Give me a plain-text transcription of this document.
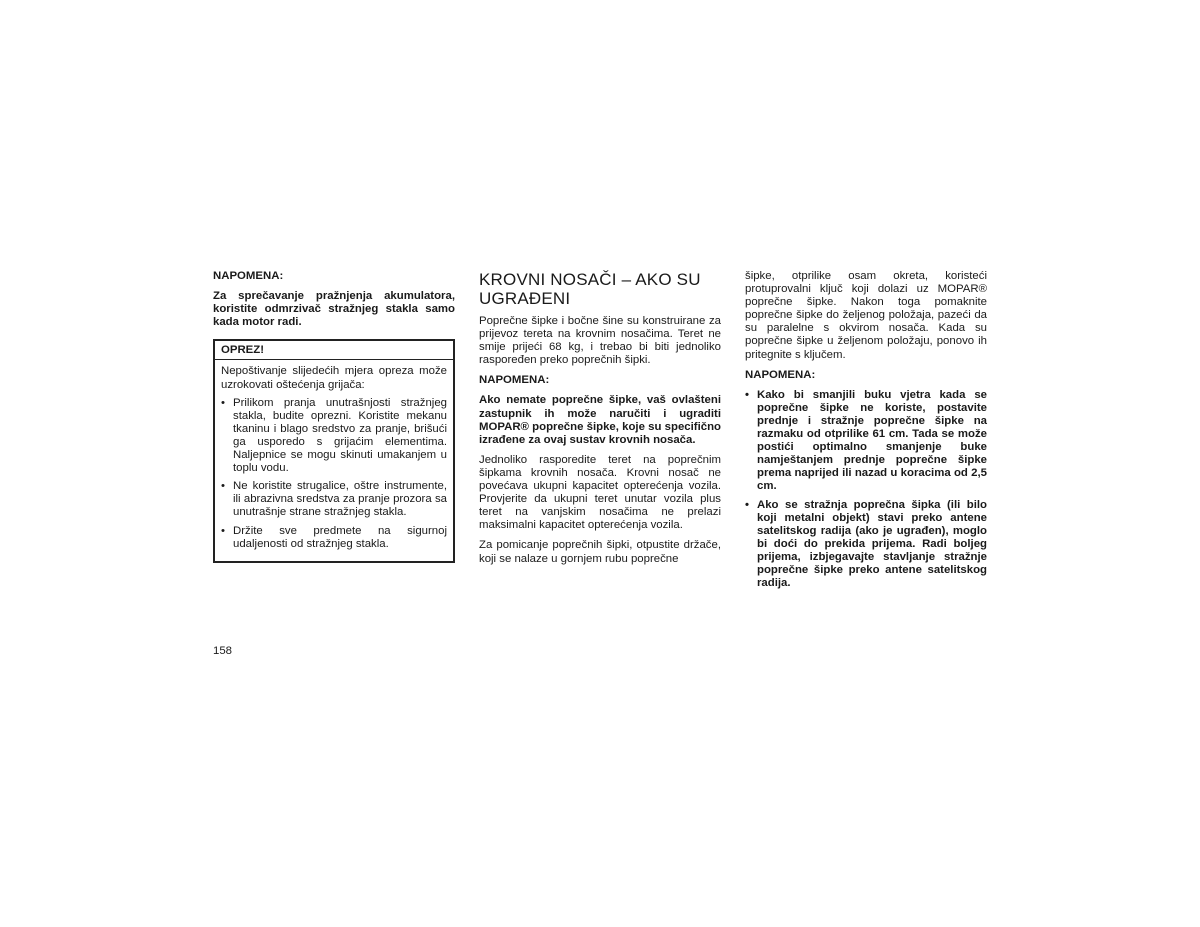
NAPOMENA:
Za sprečavanje pražnjenja akumulatora, koristite odmrzivač stražnjeg stakla samo kada motor radi.
OPREZ!

Nepoštivanje slijedećih mjera opreza može uzrokovati oštećenja grijača:

• Prilikom pranja unutrašnjosti stražnjeg stakla, budite oprezni. Koristite mekanu tkaninu i blago sredstvo za pranje, brišući ga usporedo s grijaćim elementima. Naljepnice se mogu skinuti umakanjem u toplu vodu.
• Ne koristite strugalice, oštre instrumente, ili abrazivna sredstva za pranje prozora sa unutrašnje strane stražnjeg stakla.
• Držite sve predmete na sigurnoj udaljenosti od stražnjeg stakla.
KROVNI NOSAČI – AKO SU UGRAĐENI

Poprečne šipke i bočne šine su konstruirane za prijevoz tereta na krovnim nosačima. Teret ne smije prijeći 68 kg, i trebao bi biti jednoliko raspoređen preko poprečnih šipki.

NAPOMENA:

Ako nemate poprečne šipke, vaš ovlašteni zastupnik ih može naručiti i ugraditi MOPAR® poprečne šipke, koje su specifično izrađene za ovaj sustav krovnih nosača.

Jednoliko rasporedite teret na poprečnim šipkama krovnih nosača. Krovni nosač ne povećava ukupni kapacitet opterećenja vozila. Provjerite da ukupni teret unutar vozila plus teret na vanjskim nosačima ne prelazi maksimalni kapacitet opterećenja vozila.

Za pomicanje poprečnih šipki, otpustite držače, koji se nalaze u gornjem rubu poprečne

šipke, otprilike osam okreta, koristeći protuprovalni ključ koji dolazi uz MOPAR® poprečne šipke. Nakon toga pomaknite poprečne šipke do željenog položaja, pazeći da su paralelne s okvirom nosača. Kada su poprečne šipke u željenom položaju, ponovo ih pritegnite s ključem.

NAPOMENA:
• Kako bi smanjili buku vjetra kada se poprečne šipke ne koriste, postavite prednje i stražnje poprečne šipke na razmaku od otprilike 61 cm. Tada se može postići optimalno smanjenje buke namještanjem prednje poprečne šipke prema naprijed ili nazad u koracima od 2,5 cm.
• Ako se stražnja poprečna šipka (ili bilo koji metalni objekt) stavi preko antene satelitskog radija (ako je ugrađen), moglo bi doći do prekida prijema. Radi boljeg prijema, izbjegavajte stavljanje stražnje poprečne šipke preko antene satelitskog radija.
158
